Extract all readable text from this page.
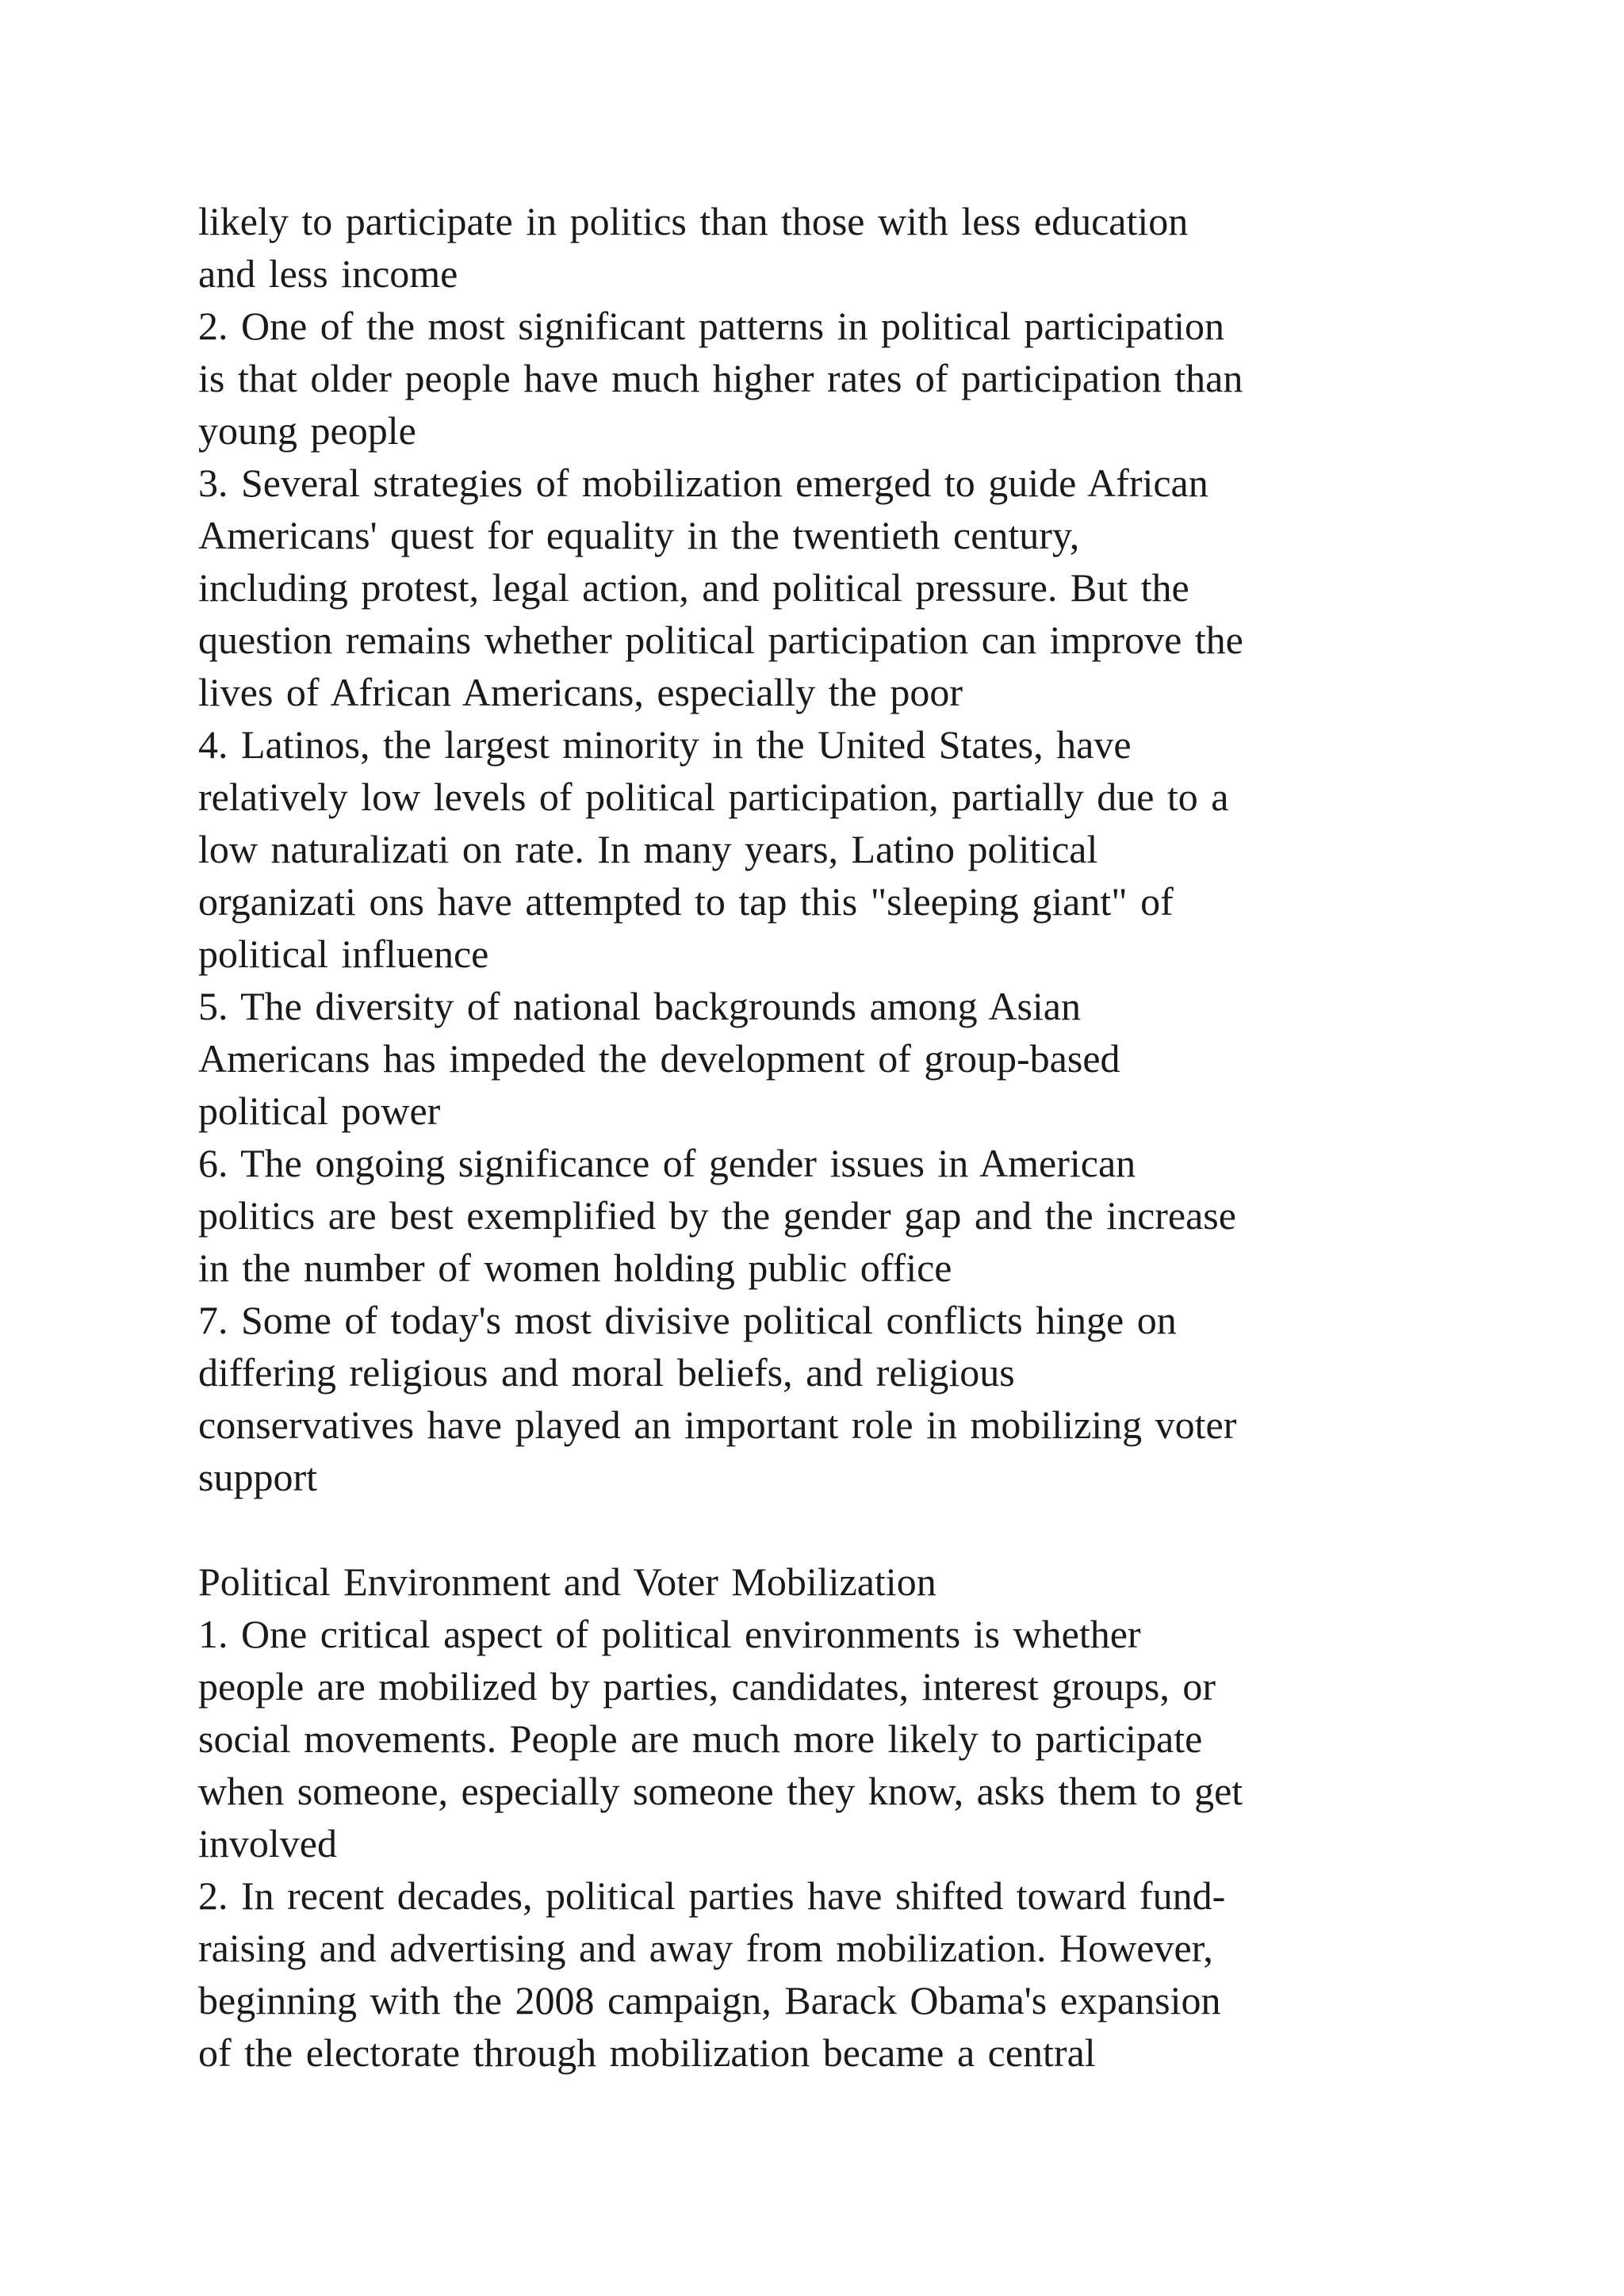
likely to participate in politics than those with less education
and less income
2. One of the most significant patterns in political participation
is that older people have much higher rates of participation than
young people
3. Several strategies of mobilization emerged to guide African
Americans' quest for equality in the twentieth century,
including protest, legal action, and political pressure. But the
question remains whether political participation can improve the
lives of African Americans, especially the poor
4. Latinos, the largest minority in the United States, have
relatively low levels of political participation, partially due to a
low naturalizati on rate. In many years, Latino political
organizati ons have attempted to tap this "sleeping giant" of
political influence
5. The diversity of national backgrounds among Asian
Americans has impeded the development of group-based
political power
6. The ongoing significance of gender issues in American
politics are best exemplified by the gender gap and the increase
in the number of women holding public office
7. Some of today's most divisive political conflicts hinge on
differing religious and moral beliefs, and religious
conservatives have played an important role in mobilizing voter
support
Political Environment and Voter Mobilization
1. One critical aspect of political environments is whether
people are mobilized by parties, candidates, interest groups, or
social movements. People are much more likely to participate
when someone, especially someone they know, asks them to get
involved
2. In recent decades, political parties have shifted toward fund-
raising and advertising and away from mobilization. However,
beginning with the 2008 campaign, Barack Obama's expansion
of the electorate through mobilization became a central
